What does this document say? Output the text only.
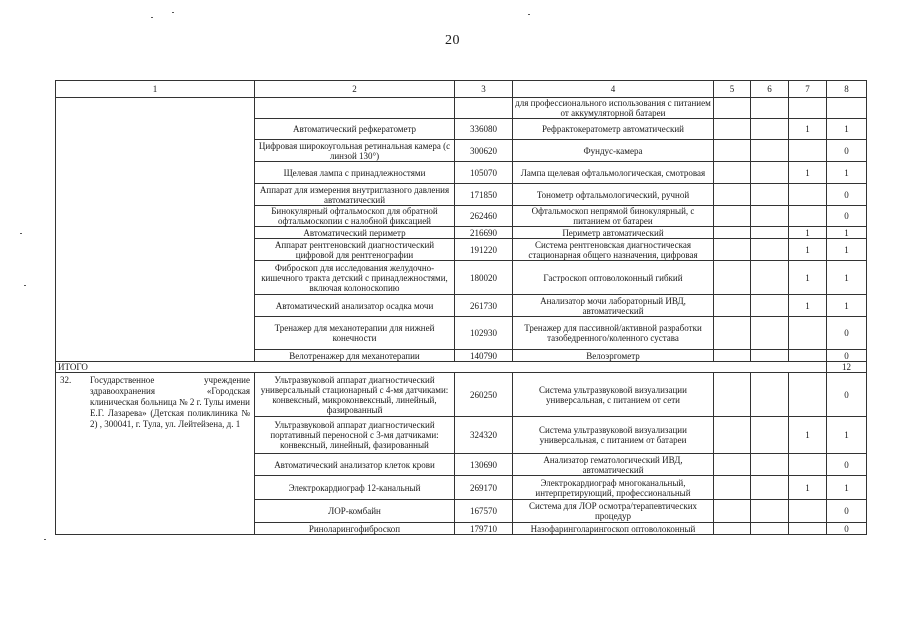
20
1	2	3	4	5	6	7	8
			для профессионального использования с питанием от аккумуляторной батареи				
	Автоматический рефкератометр	336080	Рефрактокератометр автоматический			1	1
	Цифровая широкоугольная ретинальная камера (с линзой 130°)	300620	Фундус-камера				0
	Щелевая лампа с принадлежностями	105070	Лампа щелевая офтальмологическая, смотровая			1	1
	Аппарат для измерения внутриглазного давления автоматический	171850	Тонометр офтальмологический, ручной				0
	Бинокулярный офтальмоскоп для обратной офтальмоскопии с налобной фиксацией	262460	Офтальмоскоп непрямой бинокулярный, с питанием от батареи				0
	Автоматический периметр	216690	Периметр автоматический			1	1
	Аппарат рентгеновский диагностический цифровой для рентгенографии	191220	Система рентгеновская диагностическая стационарная общего назначения, цифровая			1	1
	Фиброскоп для исследования желудочно-кишечного тракта детский с принадлежностями, включая колоноскопию	180020	Гастроскоп оптоволоконный гибкий			1	1
	Автоматический анализатор осадка мочи	261730	Анализатор мочи лабораторный ИВД, автоматический			1	1
	Тренажер для механотерапии для нижней конечности	102930	Тренажер для пассивной/активной разработки тазобедренного/коленного сустава				0
	Велотренажер для механотерапии	140790	Велоэргометр				0
ИТОГО							12

32. Государственное учреждение здравоохранения «Городская клиническая больница № 2 г. Тулы имени Е.Г. Лазарева» (Детская поликлиника № 2) , 300041, г. Тула, ул. Лейтейзена, д. 1	Ультразвуковой аппарат диагностический универсальный стационарный с 4-мя датчиками: конвексный, микроконвексный, линейный, фазированный	260250	Система ультразвуковой визуализации универсальная, с питанием от сети				0
	Ультразвуковой аппарат диагностический портативный переносной с 3-мя датчиками: конвексный, линейный, фазированный	324320	Система ультразвуковой визуализации универсальная, с питанием от батареи			1	1
	Автоматический анализатор клеток крови	130690	Анализатор гематологический ИВД, автоматический				0
	Электрокардиограф 12-канальный	269170	Электрокардиограф многоканальный, интерпретирующий, профессиональный			1	1
	ЛОР-комбайн	167570	Система для ЛОР осмотра/терапевтических процедур				0
	Риноларингофиброскоп	179710	Назофаринголарингоскоп оптоволоконный				0
